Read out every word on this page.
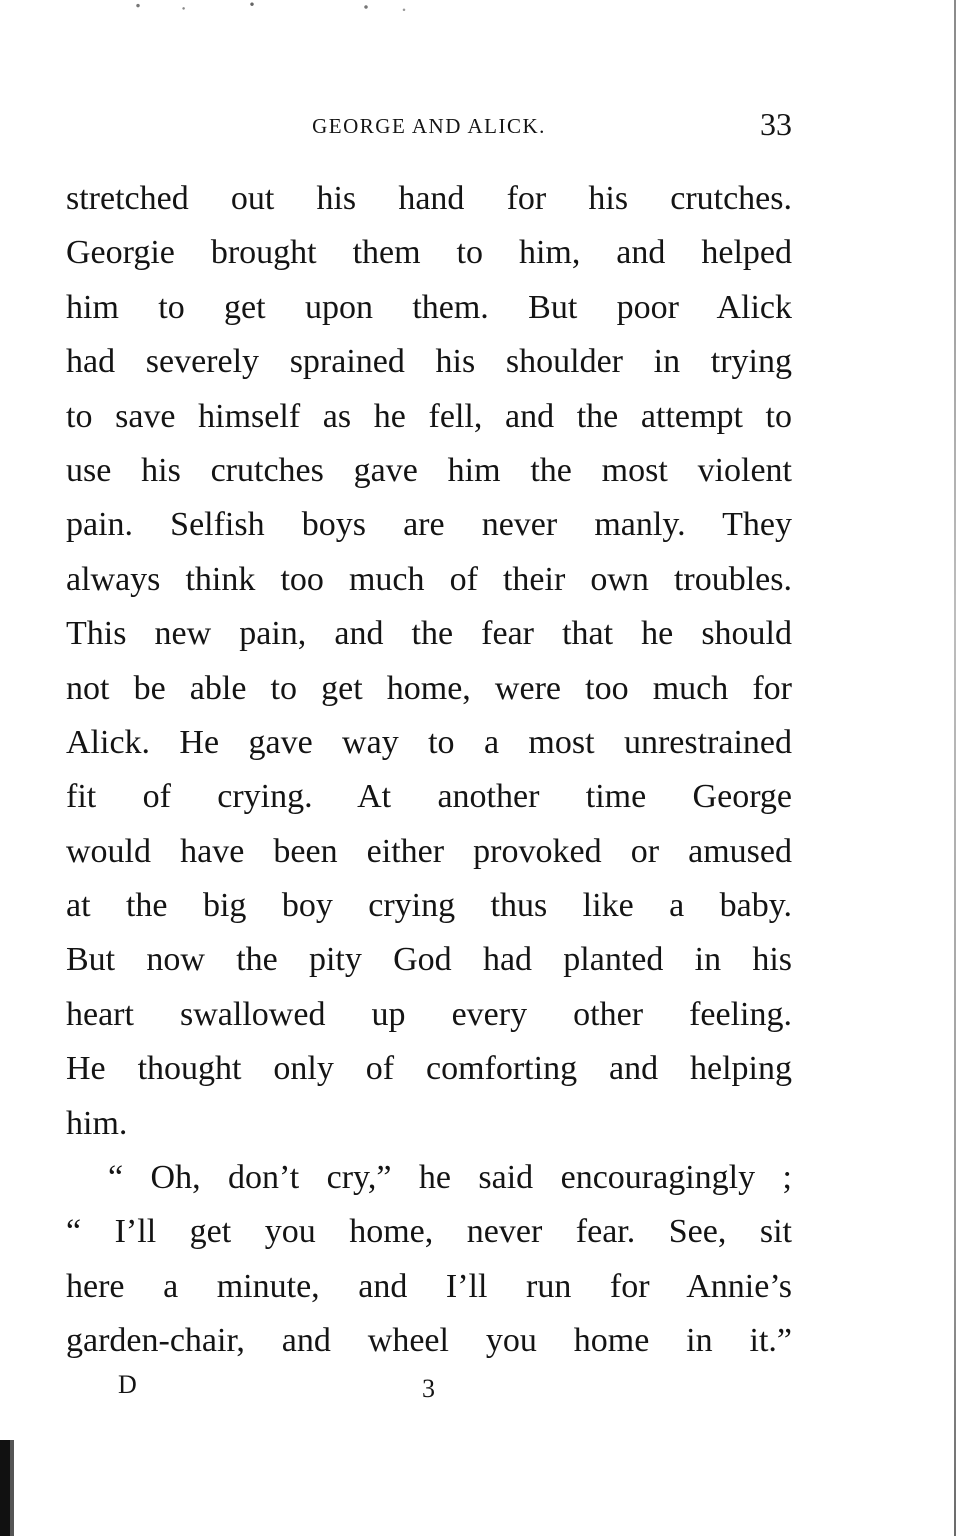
GEORGE AND ALICK.	33
stretched out his hand for his crutches.
Georgie brought them to him, and helped
him to get upon them. But poor Alick
had severely sprained his shoulder in trying
to save himself as he fell, and the attempt to
use his crutches gave him the most violent
pain. Selfish boys are never manly. They
always think too much of their own troubles.
This new pain, and the fear that he should
not be able to get home, were too much for
Alick. He gave way to a most unrestrained
fit of crying. At another time George
would have been either provoked or amused
at the big boy crying thus like a baby.
But now the pity God had planted in his
heart swallowed up every other feeling.
He thought only of comforting and helping
him.
“ Oh, don’t cry,” he said encouragingly ;
“ I’ll get you home, never fear. See, sit
here a minute, and I’ll run for Annie’s
garden-chair, and wheel you home in it.”
D	3
